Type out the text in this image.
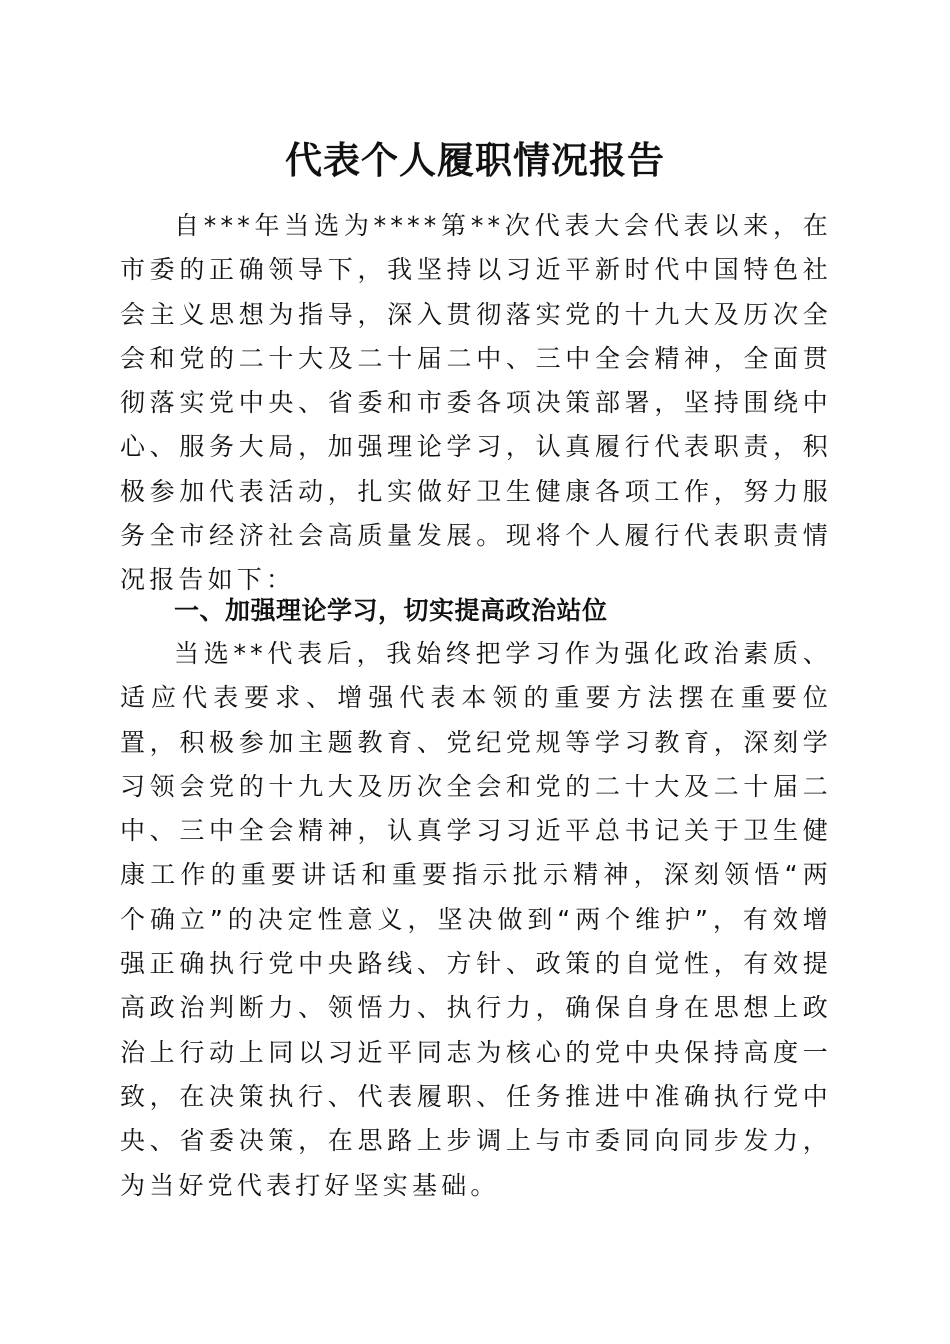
代表个人履职情况报告

自***年当选为****第**次代表大会代表以来，在市委的正确领导下，我坚持以习近平新时代中国特色社会主义思想为指导，深入贯彻落实党的十九大及历次全会和党的二十大及二十届二中、三中全会精神，全面贯彻落实党中央、省委和市委各项决策部署，坚持围绕中心、服务大局，加强理论学习，认真履行代表职责，积极参加代表活动，扎实做好卫生健康各项工作，努力服务全市经济社会高质量发展。现将个人履行代表职责情况报告如下：

一、加强理论学习，切实提高政治站位

当选**代表后，我始终把学习作为强化政治素质、适应代表要求、增强代表本领的重要方法摆在重要位置，积极参加主题教育、党纪党规等学习教育，深刻学习领会党的十九大及历次全会和党的二十大及二十届二中、三中全会精神，认真学习习近平总书记关于卫生健康工作的重要讲话和重要指示批示精神，深刻领悟“两个确立”的决定性意义，坚决做到“两个维护”，有效增强正确执行党中央路线、方针、政策的自觉性，有效提高政治判断力、领悟力、执行力，确保自身在思想上政治上行动上同以习近平同志为核心的党中央保持高度一致，在决策执行、代表履职、任务推进中准确执行党中央、省委决策，在思路上步调上与市委同向同步发力，为当好党代表打好坚实基础。
